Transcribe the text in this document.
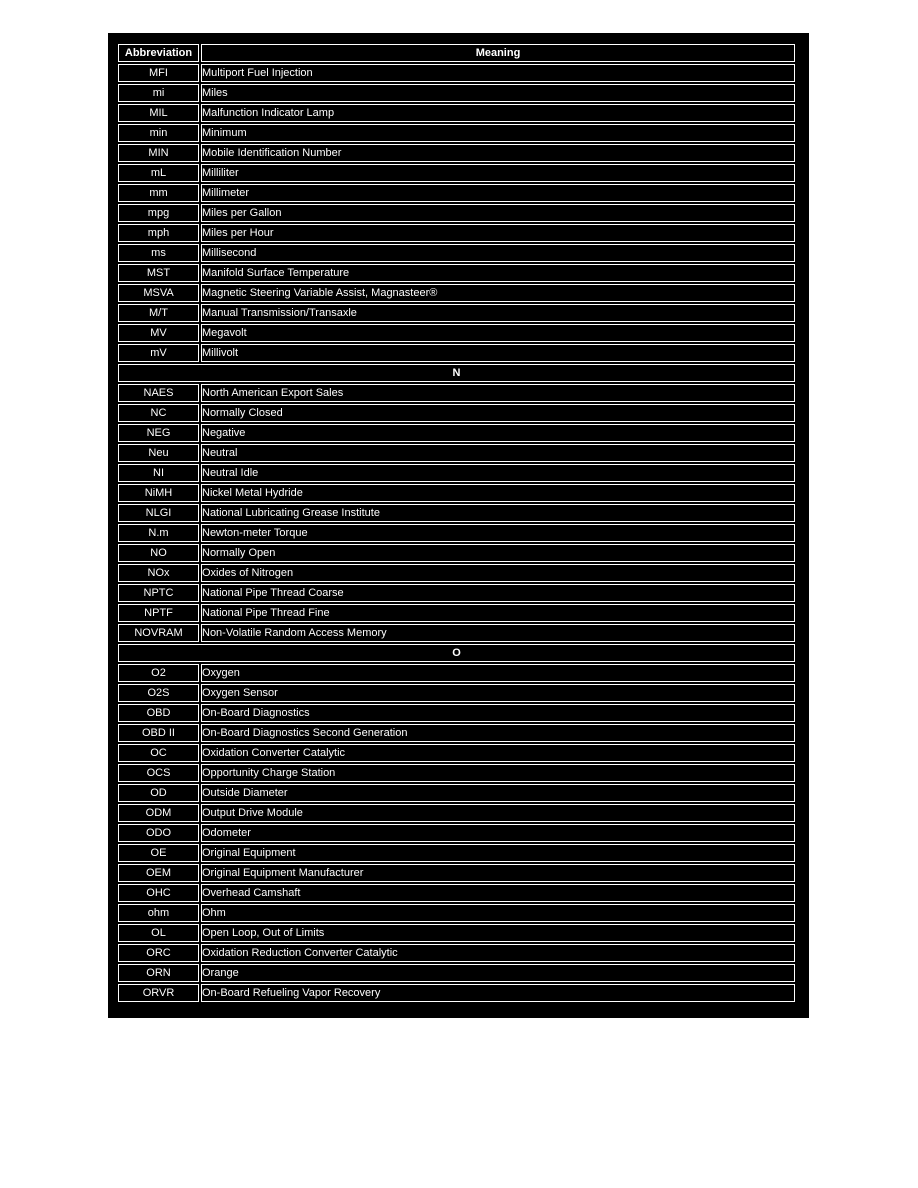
Abbreviation	Meaning
MFI	Multiport Fuel Injection
mi	Miles
MIL	Malfunction Indicator Lamp
min	Minimum
MIN	Mobile Identification Number
mL	Milliliter
mm	Millimeter
mpg	Miles per Gallon
mph	Miles per Hour
ms	Millisecond
MST	Manifold Surface Temperature
MSVA	Magnetic Steering Variable Assist, Magnasteer®
M/T	Manual Transmission/Transaxle
MV	Megavolt
mV	Millivolt
N	
NAES	North American Export Sales
NC	Normally Closed
NEG	Negative
Neu	Neutral
NI	Neutral Idle
NiMH	Nickel Metal Hydride
NLGI	National Lubricating Grease Institute
N.m	Newton-meter Torque
NO	Normally Open
NOx	Oxides of Nitrogen
NPTC	National Pipe Thread Coarse
NPTF	National Pipe Thread Fine
NOVRAM	Non-Volatile Random Access Memory
O	
O2	Oxygen
O2S	Oxygen Sensor
OBD	On-Board Diagnostics
OBD II	On-Board Diagnostics Second Generation
OC	Oxidation Converter Catalytic
OCS	Opportunity Charge Station
OD	Outside Diameter
ODM	Output Drive Module
ODO	Odometer
OE	Original Equipment
OEM	Original Equipment Manufacturer
OHC	Overhead Camshaft
ohm	Ohm
OL	Open Loop, Out of Limits
ORC	Oxidation Reduction Converter Catalytic
ORN	Orange
ORVR	On-Board Refueling Vapor Recovery
